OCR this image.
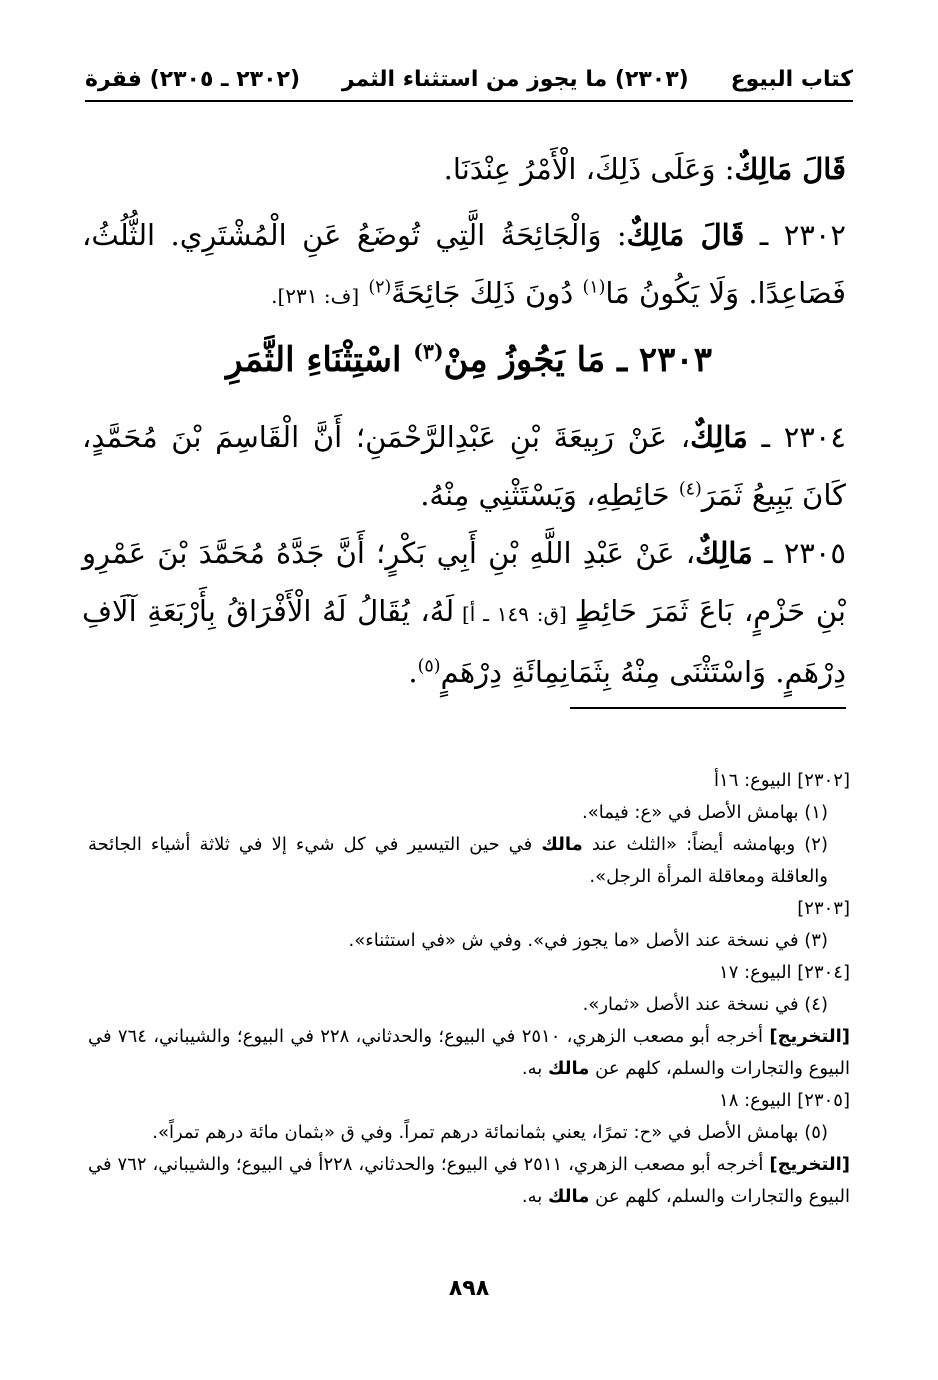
كتاب البيوع
(٢٣٠٣) ما يجوز من استثناء الثمر
(٢٣٠٢ ـ ٢٣٠٥) فقرة
قَالَ مَالِكٌ: وَعَلَى ذَلِكَ، الْأَمْرُ عِنْدَنَا.
٢٣٠٢ ـ قَالَ مَالِكٌ: وَالْجَائِحَةُ الَّتِي تُوضَعُ عَنِ الْمُشْتَرِي. الثُّلُثُ، فَصَاعِدًا. وَلَا يَكُونُ مَا$^{(١)}$ دُونَ ذَلِكَ جَائِحَةً$^{(٢)}$ [ف: ٢٣١].
٢٣٠٣ ـ مَا يَجُوزُ مِنْ$^{(٣)}$ اسْتِثْنَاءِ الثَّمَرِ
٢٣٠٤ ـ مَالِكٌ، عَنْ رَبِيعَةَ بْنِ عَبْدِالرَّحْمَنِ؛ أَنَّ الْقَاسِمَ بْنَ مُحَمَّدٍ، كَانَ يَبِيعُ ثَمَرَ$^{(٤)}$ حَائِطِهِ، وَيَسْتَثْنِي مِنْهُ.
٢٣٠٥ ـ مَالِكٌ، عَنْ عَبْدِ اللَّهِ بْنِ أَبِي بَكْرٍ؛ أَنَّ جَدَّهُ مُحَمَّدَ بْنَ عَمْرِو بْنِ حَزْمٍ، بَاعَ ثَمَرَ حَائِطٍ [ق: ١٤٩ ـ أ] لَهُ، يُقَالُ لَهُ الْأَفْرَاقُ بِأَرْبَعَةِ آلَافِ دِرْهَمٍ. وَاسْتَثْنَى مِنْهُ بِثَمَانِمِائَةِ دِرْهَمٍ$^{(٥)}$.
[٢٣٠٢] البيوع: ١٦أ
(١) بهامش الأصل في «ع: فيما».
(٢) وبهامشه أيضاً: «الثلث عند مالك في حين التيسير في كل شيء إلا في ثلاثة أشياء الجائحة والعاقلة ومعاقلة المرأة الرجل».
[٢٣٠٣]
(٣) في نسخة عند الأصل «ما يجوز في». وفي ش «في استثناء».
[٢٣٠٤] البيوع: ١٧
(٤) في نسخة عند الأصل «ثمار».
[التخريج] أخرجه أبو مصعب الزهري، ٢٥١٠ في البيوع؛ والحدثاني، ٢٢٨ في البيوع؛ والشيباني، ٧٦٤ في البيوع والتجارات والسلم، كلهم عن مالك به.
[٢٣٠٥] البيوع: ١٨
(٥) بهامش الأصل في «ح: تمرًا، يعني بثمانمائة درهم تمراً. وفي ق «بثمان مائة درهم تمراً».
[التخريج] أخرجه أبو مصعب الزهري، ٢٥١١ في البيوع؛ والحدثاني، ٢٢٨أ في البيوع؛ والشيباني، ٧٦٢ في البيوع والتجارات والسلم، كلهم عن مالك به.
٨٩٨
